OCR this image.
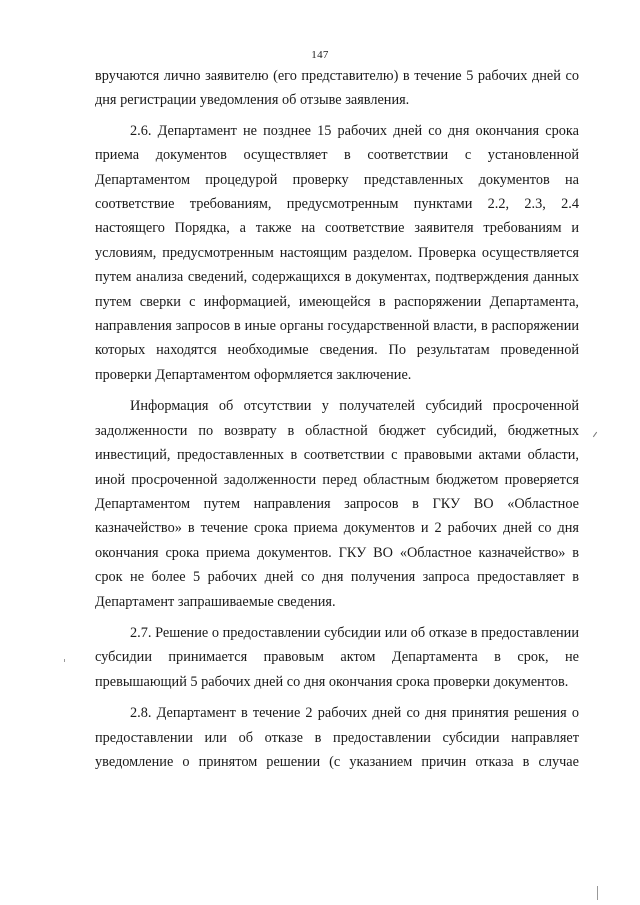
147

вручаются лично заявителю (его представителю) в течение 5 рабочих дней со дня регистрации уведомления об отзыве заявления.

2.6. Департамент не позднее 15 рабочих дней со дня окончания срока приема документов осуществляет в соответствии с установленной Департаментом процедурой проверку представленных документов на соответствие требованиям, предусмотренным пунктами 2.2, 2.3, 2.4 настоящего Порядка, а также на соответствие заявителя требованиям и условиям, предусмотренным настоящим разделом. Проверка осуществляется путем анализа сведений, содержащихся в документах, подтверждения данных путем сверки с информацией, имеющейся в распоряжении Департамента, направления запросов в иные органы государственной власти, в распоряжении которых находятся необходимые сведения. По результатам проведенной проверки Департаментом оформляется заключение.

Информация об отсутствии у получателей субсидий просроченной задолженности по возврату в областной бюджет субсидий, бюджетных инвестиций, предоставленных в соответствии с правовыми актами области, иной просроченной задолженности перед областным бюджетом проверяется Департаментом путем направления запросов в ГКУ ВО «Областное казначейство» в течение срока приема документов и 2 рабочих дней со дня окончания срока приема документов. ГКУ ВО «Областное казначейство» в срок не более 5 рабочих дней со дня получения запроса предоставляет в Департамент запрашиваемые сведения.

2.7. Решение о предоставлении субсидии или об отказе в предоставлении субсидии принимается правовым актом Департамента в срок, не превышающий 5 рабочих дней со дня окончания срока проверки документов.

2.8. Департамент в течение 2 рабочих дней со дня принятия решения о предоставлении или об отказе в предоставлении субсидии направляет уведомление о принятом решении (с указанием причин отказа в случае
